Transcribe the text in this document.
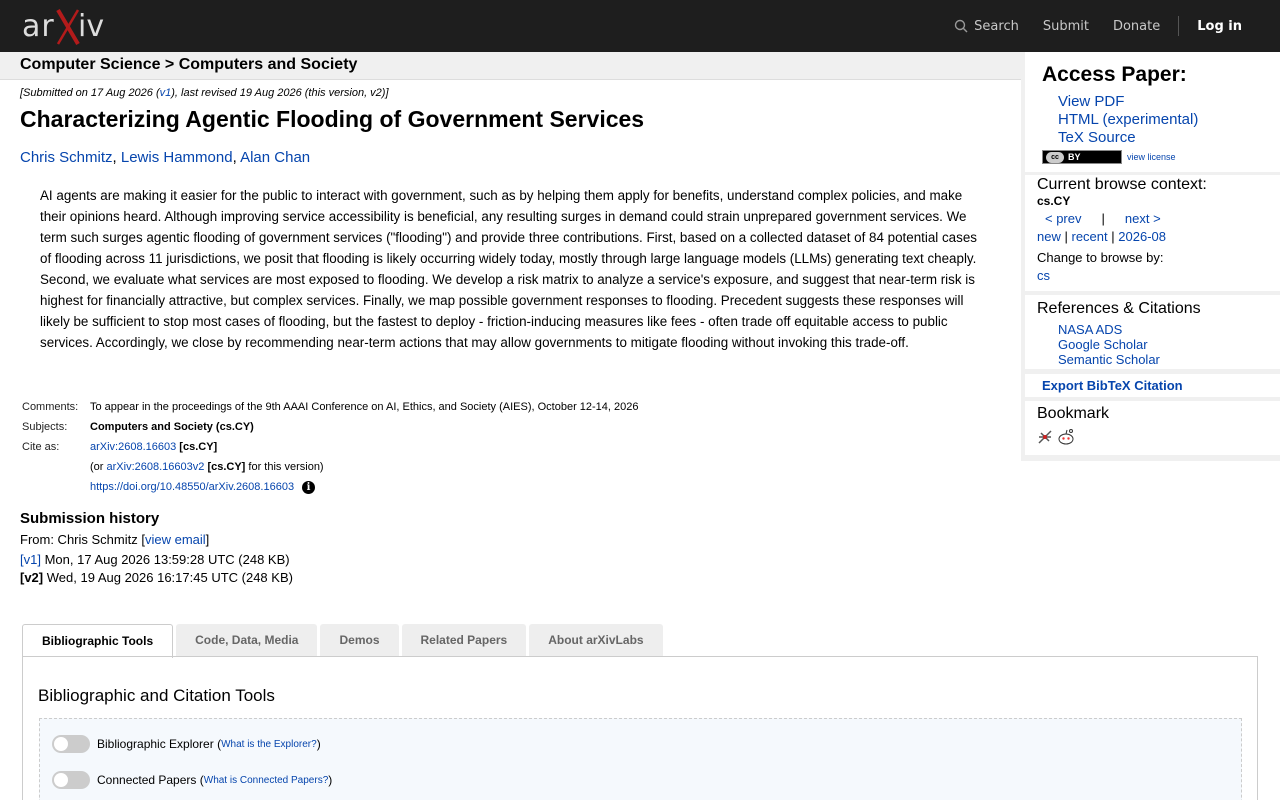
ar iv	Search Submit Donate	Log in
Computer Science > Computers and Society
[Submitted on 17 Aug 2026 (v1), last revised 19 Aug 2026 (this version, v2)]
Characterizing Agentic Flooding of Government Services
Chris Schmitz, Lewis Hammond, Alan Chan

AI agents are making it easier for the public to interact with government, such as by helping them apply for benefits, understand complex policies, and make their opinions heard. Although improving service accessibility is beneficial, any resulting surges in demand could strain unprepared government services. We term such surges agentic flooding of government services ("flooding") and provide three contributions. First, based on a collected dataset of 84 potential cases of flooding across 11 jurisdictions, we posit that flooding is likely occurring widely today, mostly through large language models (LLMs) generating text cheaply. Second, we evaluate what services are most exposed to flooding. We develop a risk matrix to analyze a service's exposure, and suggest that near-term risk is highest for financially attractive, but complex services. Finally, we map possible government responses to flooding. Precedent suggests these responses will likely be sufficient to stop most cases of flooding, but the fastest to deploy - friction-inducing measures like fees - often trade off equitable access to public services. Accordingly, we close by recommending near-term actions that may allow governments to mitigate flooding without invoking this trade-off.

Comments:	To appear in the proceedings of the 9th AAAI Conference on AI, Ethics, and Society (AIES), October 12-14, 2026
Subjects:	Computers and Society (cs.CY)
Cite as:	arXiv:2608.16603 [cs.CY]
	(or arXiv:2608.16603v2 [cs.CY] for this version)
	https://doi.org/10.48550/arXiv.2608.16603 i
Submission history
From: Chris Schmitz [view email]
[v1] Mon, 17 Aug 2026 13:59:28 UTC (248 KB)
[v2] Wed, 19 Aug 2026 16:17:45 UTC (248 KB)
Access Paper:
View PDF
HTML (experimental)
TeX Source
cc	BY	view license
Current browse context:
cs.CY
< prev | next >
new | recent | 2026-08
Change to browse by:
cs
References & Citations
NASA ADS
Google Scholar
Semantic Scholar
Export BibTeX Citation
Bookmark
Bibliographic Tools	Code, Data, Media	Demos	Related Papers	About arXivLabs
Bibliographic and Citation Tools
Bibliographic Explorer ( What is the Explorer? )
Connected Papers ( What is Connected Papers? )
